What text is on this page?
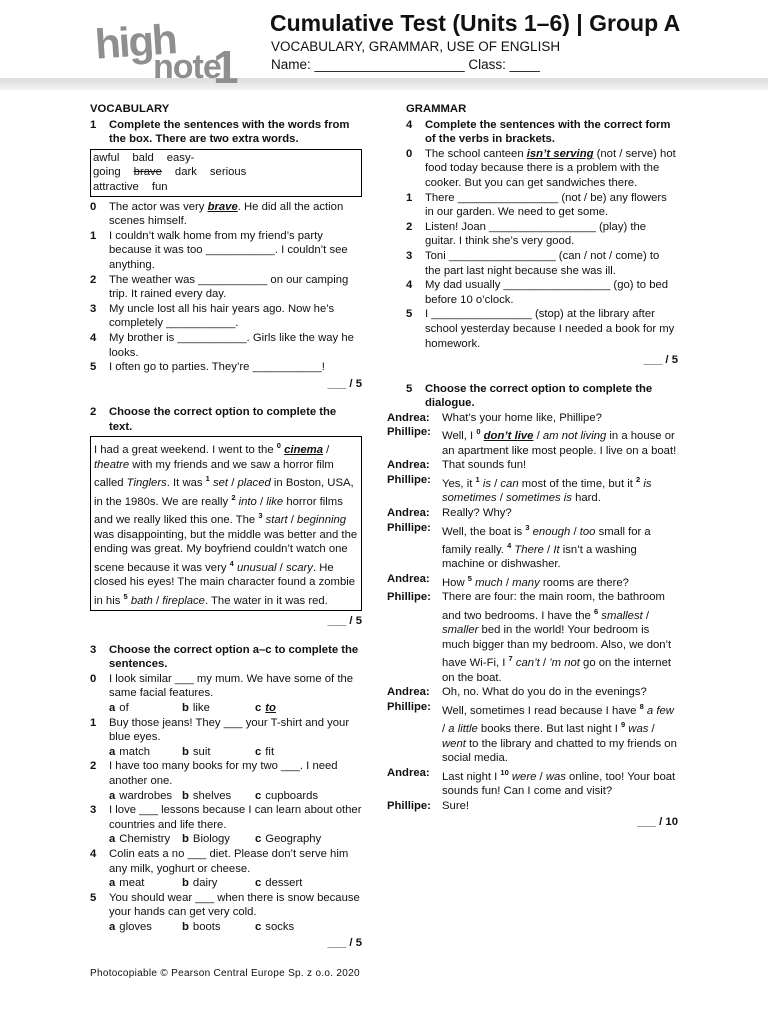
high
note
1
Cumulative Test (Units 1–6) | Group A
VOCABULARY, GRAMMAR, USE OF ENGLISH
Name: ____________________ Class: ____
VOCABULARY
1	Complete the sentences with the words from the box. There are two extra words.
awful bald easy-going brave dark serious
attractive fun
0	The actor was very brave. He did all the action scenes himself.
1	I couldn’t walk home from my friend’s party because it was too ___________. I couldn’t see anything.
2	The weather was ___________ on our camping trip. It rained every day.
3	My uncle lost all his hair years ago. Now he’s completely ___________.
4	My brother is ___________. Girls like the way he looks.
5	I often go to parties. They’re ___________!
___ / 5
2	Choose the correct option to complete the text.
I had a great weekend. I went to the $^0$ cinema / theatre with my friends and we saw a horror film called Tinglers. It was $^1$ set / placed in Boston, USA, in the 1980s. We are really $^2$ into / like horror films and we really liked this one. The $^3$ start / beginning was disappointing, but the middle was better and the ending was great. My boyfriend couldn’t watch one scene because it was very $^4$ unusual / scary. He closed his eyes! The main character found a zombie in his $^5$ bath / fireplace. The water in it was red.
___ / 5
3	Choose the correct option a–c to complete the sentences.
0	I look similar ___ my mum. We have some of the same facial features.
a of	b like	c to
1	Buy those jeans! They ___ your T-shirt and your blue eyes.
a match	b suit	c fit
2	I have too many books for my two ___. I need another one.
a wardrobes b shelves	c cupboards
3	I love ___ lessons because I can learn about other countries and life there.
a Chemistry	b Biology	c Geography
4	Colin eats a no ___ diet. Please don’t serve him any milk, yoghurt or cheese.
a meat	b dairy	c dessert
5	You should wear ___ when there is snow because your hands can get very cold.
a gloves	b boots	c socks
___ / 5
GRAMMAR
4	Complete the sentences with the correct form of the verbs in brackets.
0	The school canteen isn’t serving (not / serve) hot food today because there is a problem with the cooker. But you can get sandwiches there.
1	There ________________ (not / be) any flowers in our garden. We need to get some.
2	Listen! Joan _________________ (play) the guitar. I think she’s very good.
3	Toni _________________ (can / not / come) to the part last night because she was ill.
4	My dad usually _________________ (go) to bed before 10 o’clock.
5	I ________________ (stop) at the library after school yesterday because I needed a book for my homework.
___ / 5
5	Choose the correct option to complete the dialogue.
Andrea:	What’s your home like, Phillipe?
Phillipe: Well, I $^0$ don’t live / am not living in a house or an apartment like most people. I live on a boat!
Andrea:	That sounds fun!
Phillipe: Yes, it $^1$ is / can most of the time, but it $^2$ is sometimes / sometimes is hard.
Andrea:	Really? Why?
Phillipe: Well, the boat is $^3$ enough / too small for a family really. $^4$ There / It isn’t a washing machine or dishwasher.
Andrea:	How $^5$ much / many rooms are there?
Phillipe: There are four: the main room, the bathroom and two bedrooms. I have the $^6$ smallest / smaller bed in the world! Your bedroom is much bigger than my bedroom. Also, we don’t have Wi-Fi, I $^7$ can’t / ’m not go on the internet on the boat.
Andrea:	Oh, no. What do you do in the evenings?
Phillipe: Well, sometimes I read because I have $^8$ a few / a little books there. But last night I $^9$ was / went to the library and chatted to my friends on social media.
Andrea:	Last night I $^{10}$ were / was online, too! Your boat sounds fun! Can I come and visit?
Phillipe: Sure!
___ / 10
Photocopiable © Pearson Central Europe Sp. z o.o. 2020
